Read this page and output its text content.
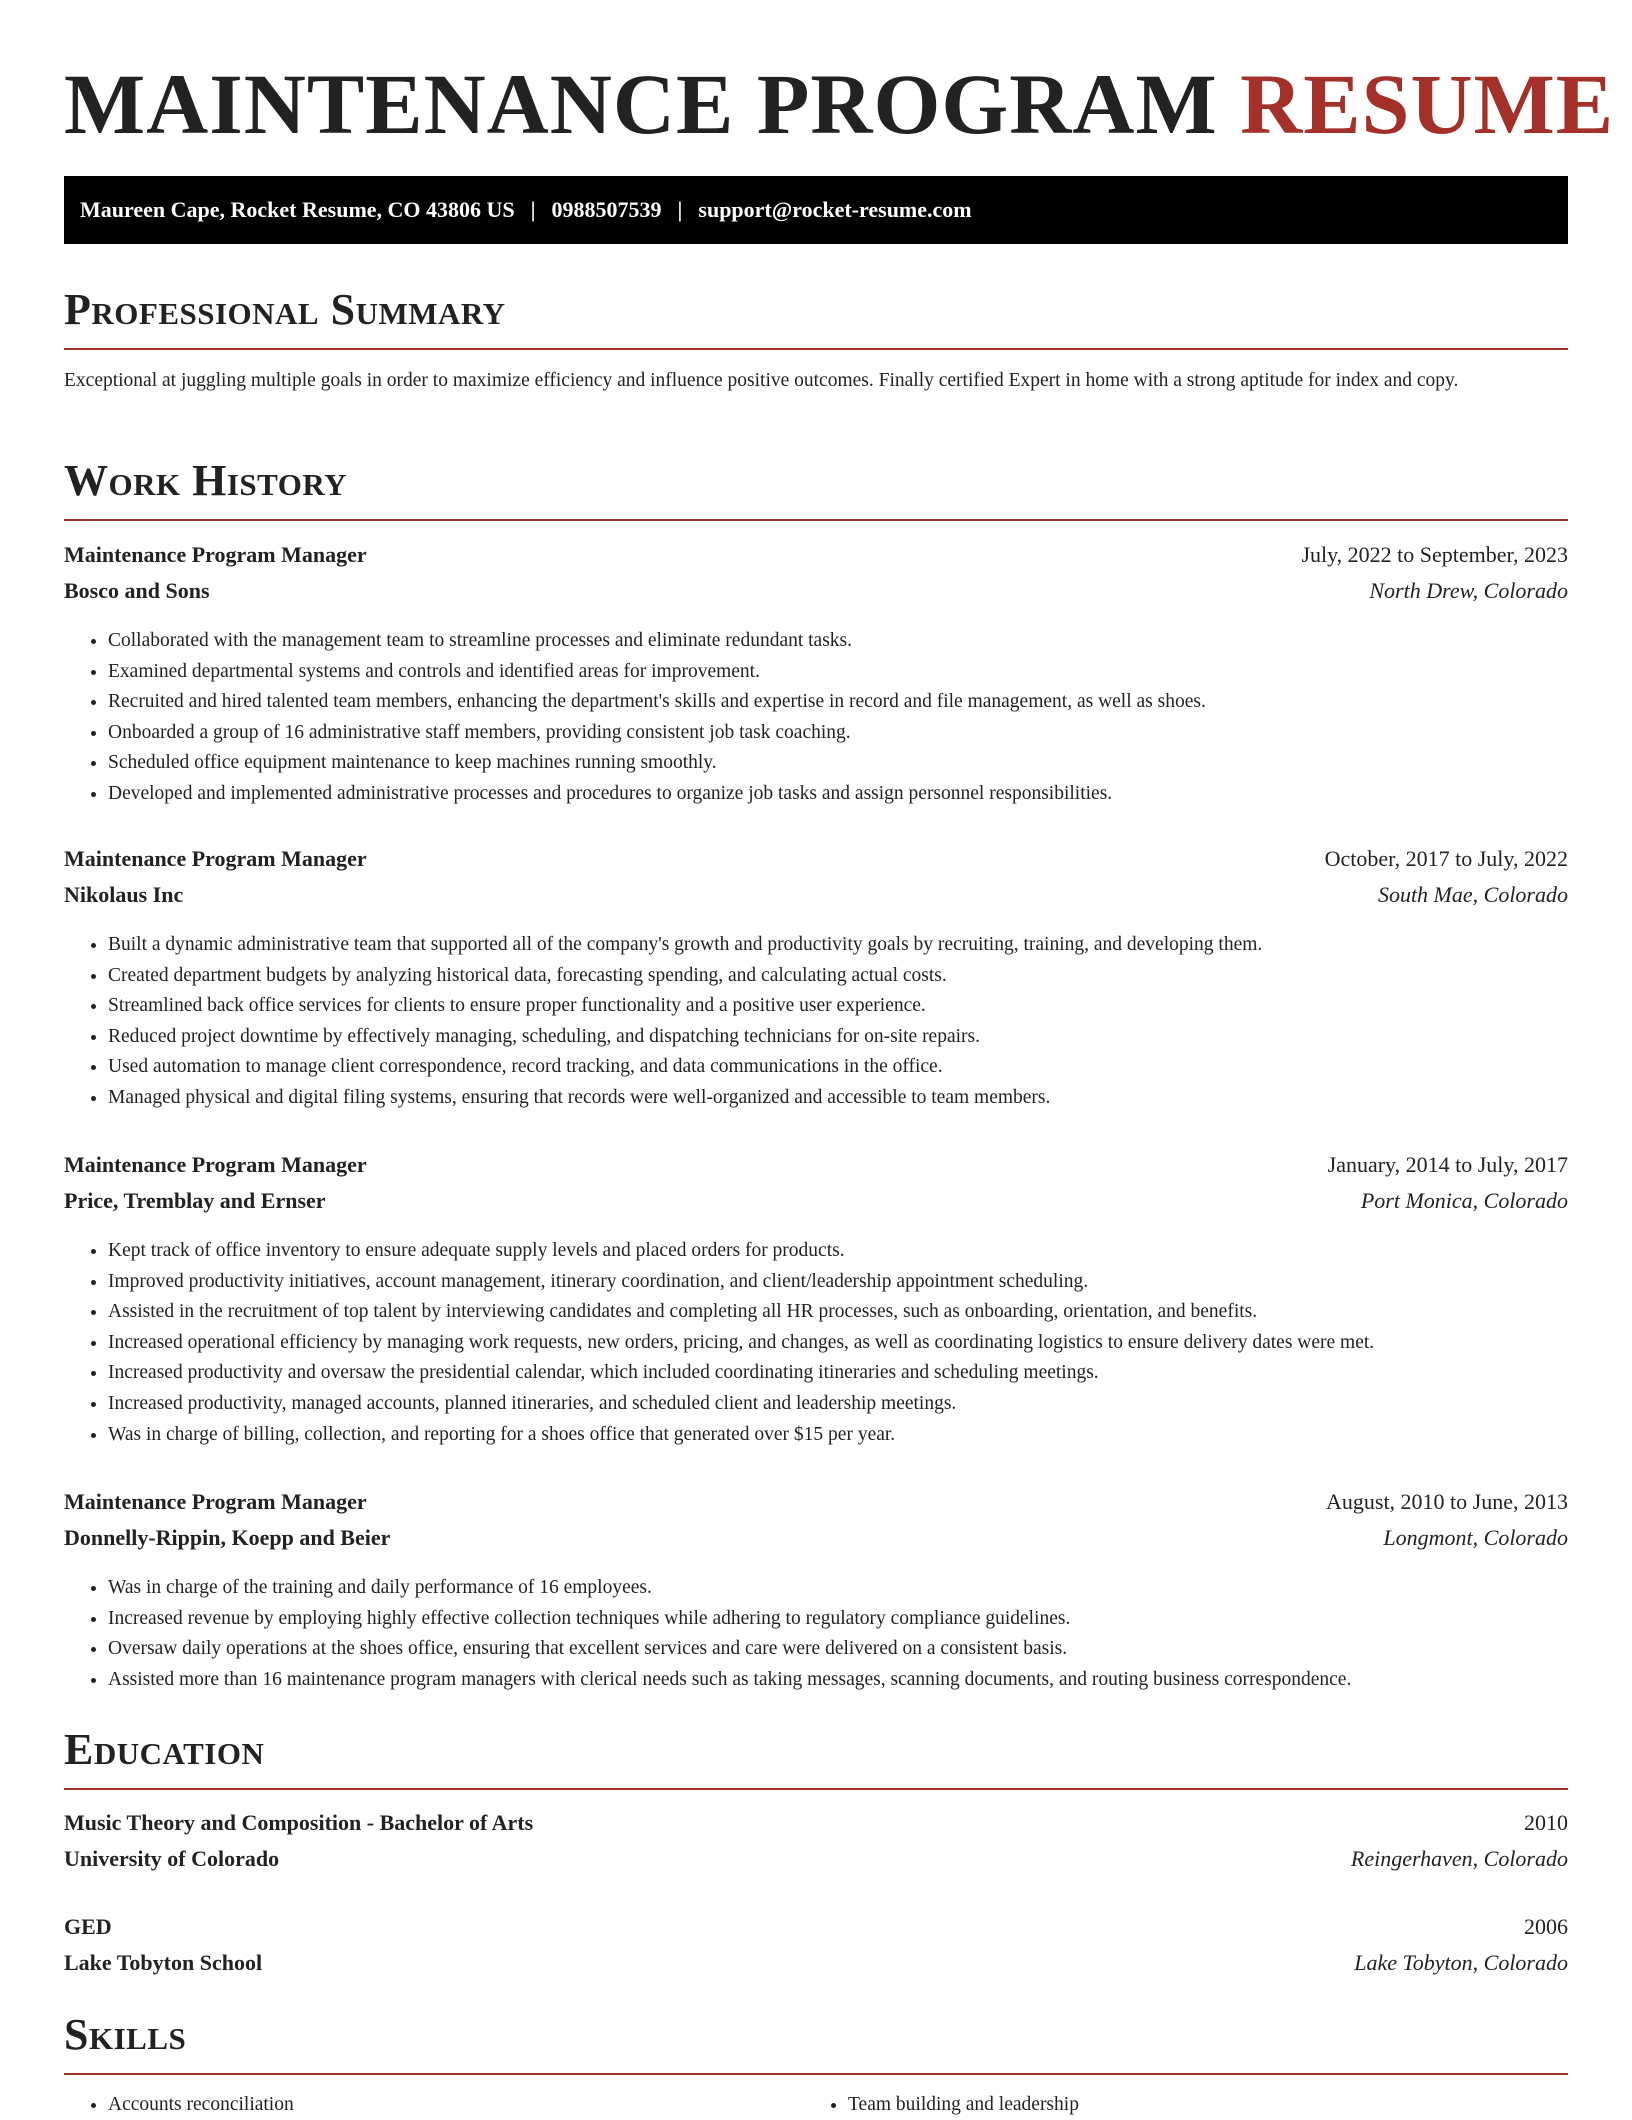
MAINTENANCE PROGRAM RESUME
Maureen Cape, Rocket Resume, CO 43806 US | 0988507539 | support@rocket-resume.com
Professional Summary

Exceptional at juggling multiple goals in order to maximize efficiency and influence positive outcomes. Finally certified Expert in home with a strong aptitude for index and copy.

Work History
Maintenance Program Manager	July, 2022 to September, 2023
Bosco and Sons	North Drew, Colorado
• Collaborated with the management team to streamline processes and eliminate redundant tasks.
• Examined departmental systems and controls and identified areas for improvement.
• Recruited and hired talented team members, enhancing the department's skills and expertise in record and file management, as well as shoes.
• Onboarded a group of 16 administrative staff members, providing consistent job task coaching.
• Scheduled office equipment maintenance to keep machines running smoothly.
• Developed and implemented administrative processes and procedures to organize job tasks and assign personnel responsibilities.
Maintenance Program Manager	October, 2017 to July, 2022
Nikolaus Inc	South Mae, Colorado
• Built a dynamic administrative team that supported all of the company's growth and productivity goals by recruiting, training, and developing them.
• Created department budgets by analyzing historical data, forecasting spending, and calculating actual costs.
• Streamlined back office services for clients to ensure proper functionality and a positive user experience.
• Reduced project downtime by effectively managing, scheduling, and dispatching technicians for on-site repairs.
• Used automation to manage client correspondence, record tracking, and data communications in the office.
• Managed physical and digital filing systems, ensuring that records were well-organized and accessible to team members.
Maintenance Program Manager	January, 2014 to July, 2017
Price, Tremblay and Ernser	Port Monica, Colorado
• Kept track of office inventory to ensure adequate supply levels and placed orders for products.
• Improved productivity initiatives, account management, itinerary coordination, and client/leadership appointment scheduling.
• Assisted in the recruitment of top talent by interviewing candidates and completing all HR processes, such as onboarding, orientation, and benefits.
• Increased operational efficiency by managing work requests, new orders, pricing, and changes, as well as coordinating logistics to ensure delivery dates were met.
• Increased productivity and oversaw the presidential calendar, which included coordinating itineraries and scheduling meetings.
• Increased productivity, managed accounts, planned itineraries, and scheduled client and leadership meetings.
• Was in charge of billing, collection, and reporting for a shoes office that generated over $15 per year.
Maintenance Program Manager	August, 2010 to June, 2013
Donnelly-Rippin, Koepp and Beier	Longmont, Colorado
• Was in charge of the training and daily performance of 16 employees.
• Increased revenue by employing highly effective collection techniques while adhering to regulatory compliance guidelines.
• Oversaw daily operations at the shoes office, ensuring that excellent services and care were delivered on a consistent basis.
• Assisted more than 16 maintenance program managers with clerical needs such as taking messages, scanning documents, and routing business correspondence.
Education
Music Theory and Composition - Bachelor of Arts	2010
University of Colorado	Reingerhaven, Colorado
GED	2006
Lake Tobyton School	Lake Tobyton, Colorado
Skills
• Accounts reconciliation
•	Team building and leadership
